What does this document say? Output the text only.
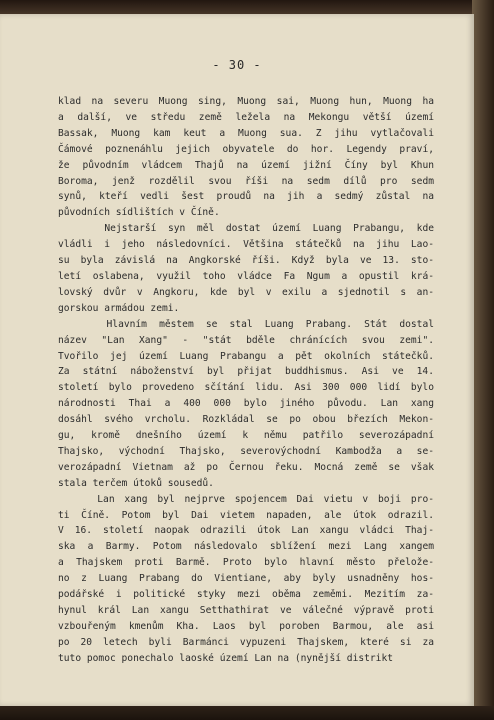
- 30 -
klad na severu Muong sing, Muong sai, Muong hun, Muong ha
a další, ve středu země ležela na Mekongu větší území
Bassak, Muong kam keut a Muong sua. Z jihu vytlačovali
Čámové poznenáhlu jejich obyvatele do hor. Legendy praví,
že původním vládcem Thajů na území jižní Číny byl Khun
Boroma, jenž rozdělil svou říši na sedm dílů pro sedm
synů, kteří vedli šest proudů na jih a sedmý zůstal na
původních sídlištích v Číně.
Nejstarší syn měl dostat území Luang Prabangu, kde
vládli i jeho následovníci. Většina státečků na jihu Lao-
su byla závislá na Angkorské říši. Když byla ve 13. sto-
letí oslabena, využil toho vládce Fa Ngum a opustil krá-
lovský dvůr v Angkoru, kde byl v exilu a sjednotil s an-
gorskou armádou zemi.
Hlavním městem se stal Luang Prabang. Stát dostal
název "Lan Xang" - "stát bděle chránících svou zemi".
Tvořilo jej území Luang Prabangu a pět okolních státečků.
Za státní náboženství byl přijat buddhismus. Asi ve 14.
století bylo provedeno sčítání lidu. Asi 300 000 lidí bylo
národnosti Thai a 400 000 bylo jiného původu. Lan xang
dosáhl svého vrcholu. Rozkládal se po obou březích Mekon-
gu, kromě dnešního území k němu patřilo severozápadní
Thajsko, východní Thajsko, severovýchodní Kambodža a se-
verozápadní Vietnam až po Černou řeku. Mocná země se však
stala terčem útoků sousedů.
Lan xang byl nejprve spojencem Dai vietu v boji pro-
ti Číně. Potom byl Dai vietem napaden, ale útok odrazil.
V 16. století naopak odrazili útok Lan xangu vládci Thaj-
ska a Barmy. Potom následovalo sblížení mezi Lang xangem
a Thajskem proti Barmě. Proto bylo hlavní město přelože-
no z Luang Prabang do Vientiane, aby byly usnadněny hos-
podářské i politické styky mezi oběma zeměmi. Mezitím za-
hynul král Lan xangu Setthathirat ve válečné výpravě proti
vzbouřeným kmenům Kha. Laos byl poroben Barmou, ale asi
po 20 letech byli Barmánci vypuzeni Thajskem, které si za
tuto pomoc ponechalo laoské území Lan na (nynější distrikt
